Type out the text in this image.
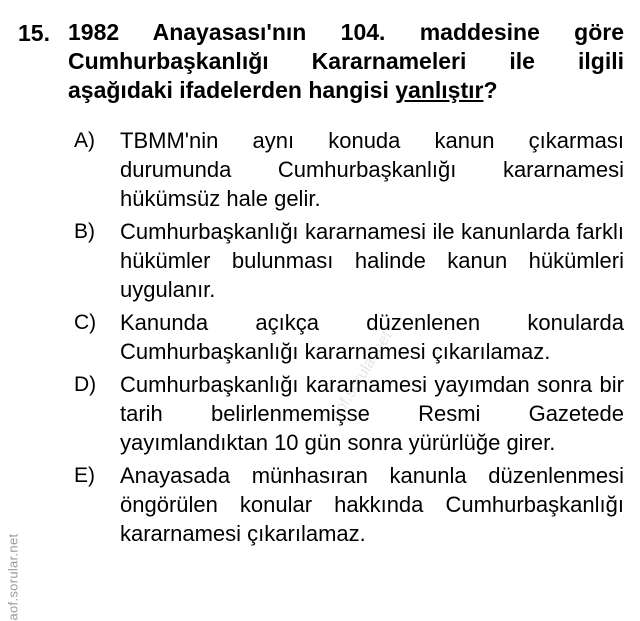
15. 1982 Anayasası'nın 104. maddesine göre Cumhurbaşkanlığı Kararnameleri ile ilgili aşağıdaki ifadelerden hangisi yanlıştır?
A) TBMM'nin aynı konuda kanun çıkarması durumunda Cumhurbaşkanlığı kararnamesi hükümsüz hale gelir.
B) Cumhurbaşkanlığı kararnamesi ile kanunlarda farklı hükümler bulunması halinde kanun hükümleri uygulanır.
C) Kanunda açıkça düzenlenen konularda Cumhurbaşkanlığı kararnamesi çıkarılamaz.
D) Cumhurbaşkanlığı kararnamesi yayımdan sonra bir tarih belirlenmemişse Resmi Gazetede yayımlandıktan 10 gün sonra yürürlüğe girer.
E) Anayasada münhasıran kanunla düzenlenmesi öngörülen konular hakkında Cumhurbaşkanlığı kararnamesi çıkarılamaz.
aof.sorular.net
aof.sorular.net
